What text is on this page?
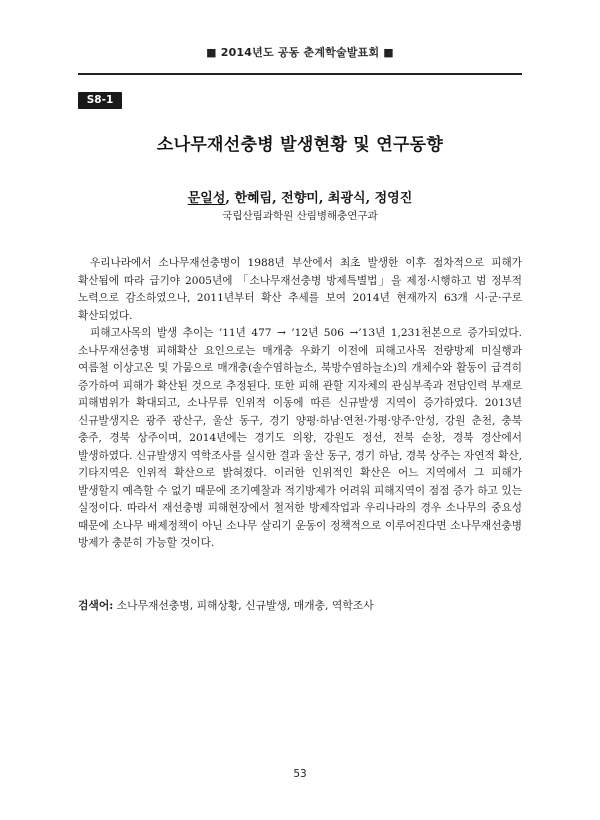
■ 2014년도 공동 춘계학술발표회 ■
S8-1
소나무재선충병 발생현황 및 연구동향
문일성, 한혜림, 전향미, 최광식, 정영진
국립산림과학원 산림병해충연구과

우리나라에서 소나무재선충병이 1988년 부산에서 최초 발생한 이후 점차적으로 피해가 확산됨에 따라 급기야 2005년에 「소나무재선충병 방제특별법」을 제정·시행하고 범 정부적 노력으로 감소하였으나, 2011년부터 확산 추세를 보여 2014년 현재까지 63개 시·군·구로 확산되었다.

피해고사목의 발생 추이는 ’11년 477 → ’12년 506 →’13년 1,231천본으로 증가되었다. 소나무재선충병 피해확산 요인으로는 매개충 우화기 이전에 피해고사목 전량방제 미실행과 여름철 이상고온 및 가뭄으로 매개충(솔수염하늘소, 북방수염하늘소)의 개체수와 활동이 급격히 증가하여 피해가 확산된 것으로 추정된다. 또한 피해 관할 지자체의 관심부족과 전담인력 부재로 피해범위가 확대되고, 소나무류 인위적 이동에 따른 신규발생 지역이 증가하였다. 2013년 신규발생지은 광주 광산구, 울산 동구, 경기 양평·하남·연천·가평·양주·안성, 강원 춘천, 충북 충주, 경북 상주이며, 2014년에는 경기도 의왕, 강원도 정선, 전북 순창, 경북 경산에서 발생하였다. 신규발생지 역학조사를 실시한 결과 울산 동구, 경기 하남, 경북 상주는 자연적 확산, 기타지역은 인위적 확산으로 밝혀졌다. 이러한 인위적인 확산은 어느 지역에서 그 피해가 발생할지 예측할 수 없기 때문에 조기예찰과 적기방제가 어려워 피해지역이 점점 증가 하고 있는 실정이다. 따라서 재선충병 피해현장에서 철저한 방제작업과 우리나라의 경우 소나무의 중요성 때문에 소나무 배제정책이 아닌 소나무 살리기 운동이 정책적으로 이루어진다면 소나무재선충병 방제가 충분히 가능할 것이다.

검색어: 소나무재선충병, 피해상황, 신규발생, 매개충, 역학조사
53
